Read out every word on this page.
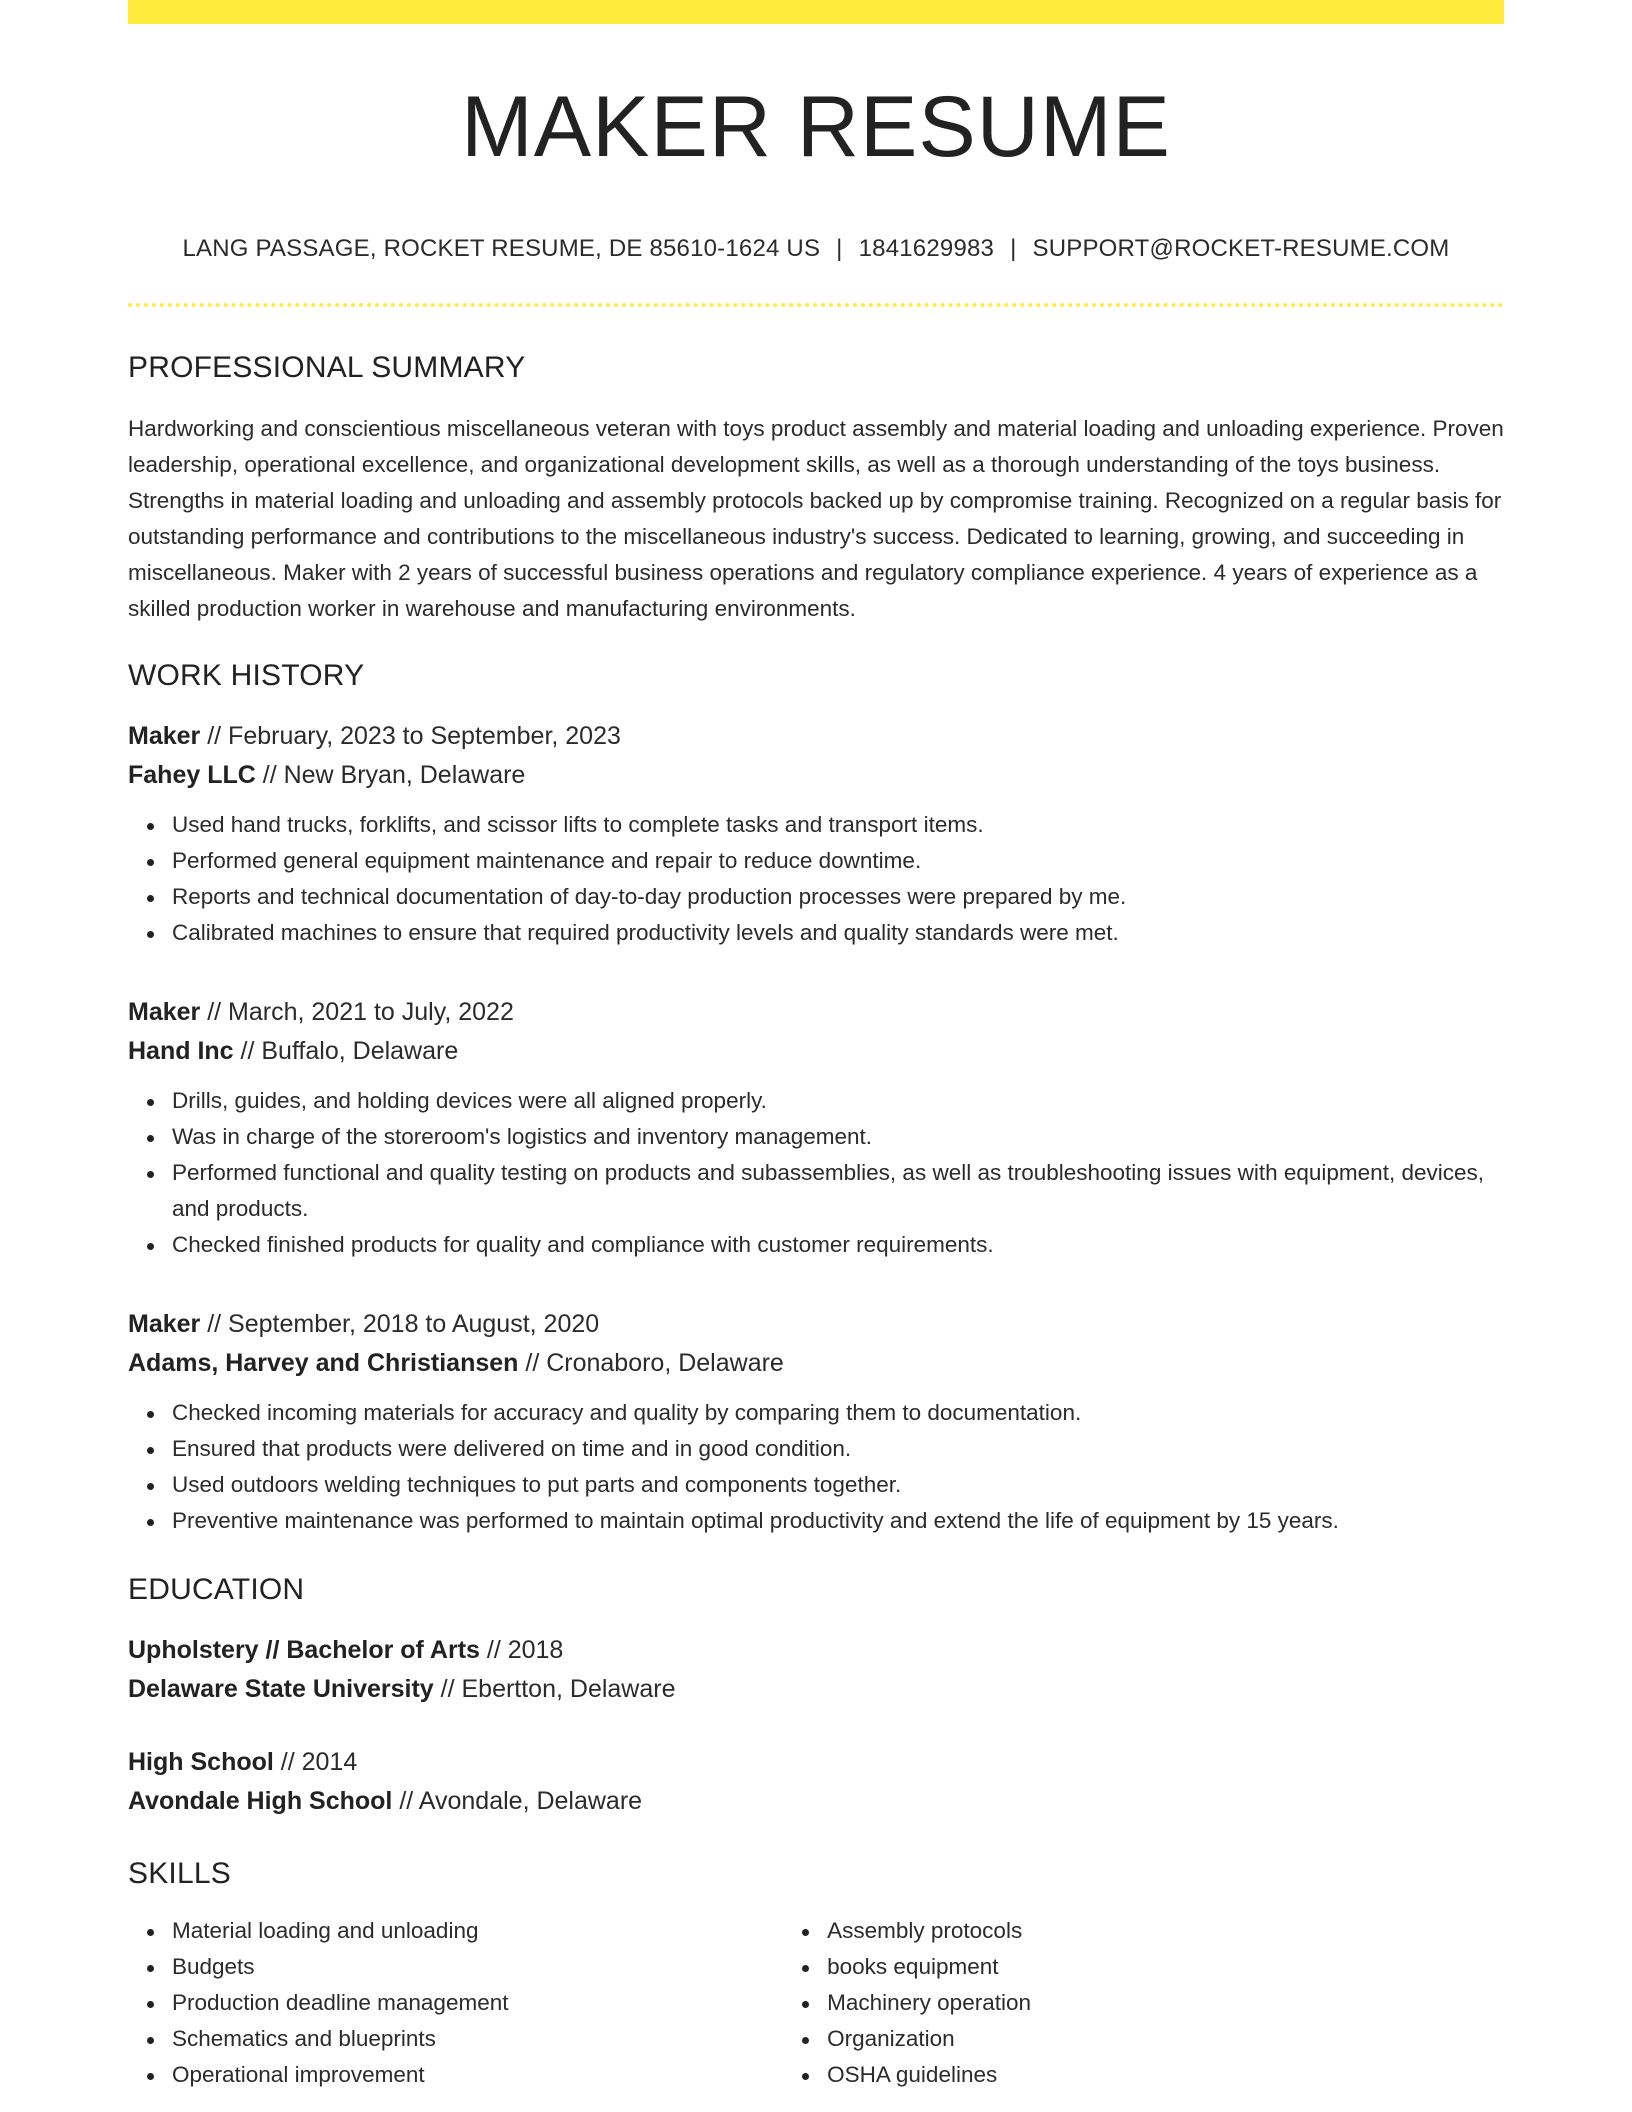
MAKER RESUME
LANG PASSAGE, ROCKET RESUME, DE 85610-1624 US | 1841629983 | SUPPORT@ROCKET-RESUME.COM
PROFESSIONAL SUMMARY

Hardworking and conscientious miscellaneous veteran with toys product assembly and material loading and unloading experience. Proven leadership, operational excellence, and organizational development skills, as well as a thorough understanding of the toys business. Strengths in material loading and unloading and assembly protocols backed up by compromise training. Recognized on a regular basis for outstanding performance and contributions to the miscellaneous industry's success. Dedicated to learning, growing, and succeeding in miscellaneous. Maker with 2 years of successful business operations and regulatory compliance experience. 4 years of experience as a skilled production worker in warehouse and manufacturing environments.

WORK HISTORY
Maker // February, 2023 to September, 2023
Fahey LLC // New Bryan, Delaware
Used hand trucks, forklifts, and scissor lifts to complete tasks and transport items.
Performed general equipment maintenance and repair to reduce downtime.
Reports and technical documentation of day-to-day production processes were prepared by me.
Calibrated machines to ensure that required productivity levels and quality standards were met.
Maker // March, 2021 to July, 2022
Hand Inc // Buffalo, Delaware
Drills, guides, and holding devices were all aligned properly.
Was in charge of the storeroom's logistics and inventory management.
Performed functional and quality testing on products and subassemblies, as well as troubleshooting issues with equipment, devices, and products.
Checked finished products for quality and compliance with customer requirements.
Maker // September, 2018 to August, 2020
Adams, Harvey and Christiansen // Cronaboro, Delaware
Checked incoming materials for accuracy and quality by comparing them to documentation.
Ensured that products were delivered on time and in good condition.
Used outdoors welding techniques to put parts and components together.
Preventive maintenance was performed to maintain optimal productivity and extend the life of equipment by 15 years.
EDUCATION
Upholstery // Bachelor of Arts // 2018
Delaware State University // Ebertton, Delaware
High School // 2014
Avondale High School // Avondale, Delaware
SKILLS
Material loading and unloading
Budgets
Production deadline management
Schematics and blueprints
Operational improvement
Assembly protocols
books equipment
Machinery operation
Organization
OSHA guidelines
